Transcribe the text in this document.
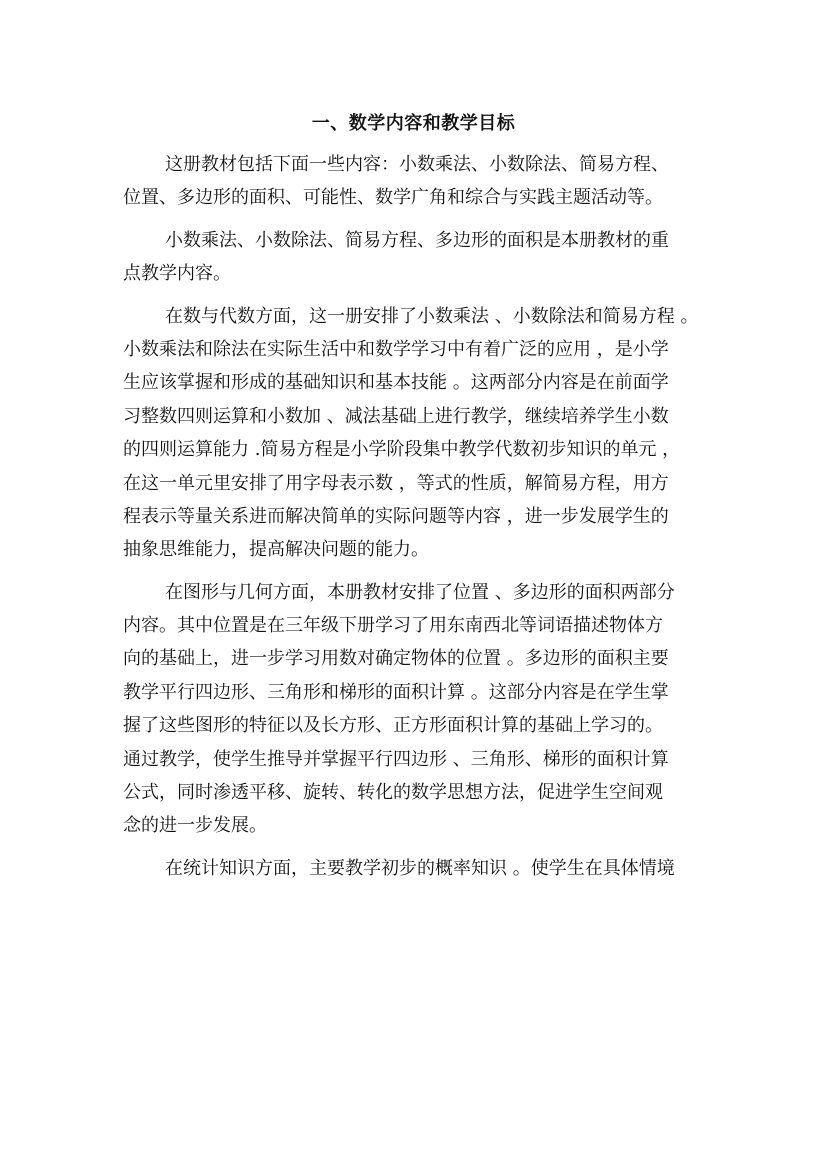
一、数学内容和教学目标

这册教材包括下面一些内容：小数乘法、小数除法、简易方程、
位置、多边形的面积、可能性、数学广角和综合与实践主题活动等。

小数乘法、小数除法、简易方程、多边形的面积是本册教材的重
点教学内容。

在数与代数方面，这一册安排了小数乘法 、小数除法和简易方程 。
小数乘法和除法在实际生活中和数学学习中有着广泛的应用 ，是小学
生应该掌握和形成的基础知识和基本技能 。这两部分内容是在前面学
习整数四则运算和小数加 、减法基础上进行教学，继续培养学生小数
的四则运算能力 .简易方程是小学阶段集中教学代数初步知识的单元 ，
在这一单元里安排了用字母表示数 ，等式的性质，解简易方程，用方
程表示等量关系进而解决简单的实际问题等内容 ，进一步发展学生的
抽象思维能力，提高解决问题的能力。

在图形与几何方面，本册教材安排了位置 、多边形的面积两部分
内容。其中位置是在三年级下册学习了用东南西北等词语描述物体方
向的基础上，进一步学习用数对确定物体的位置 。多边形的面积主要
教学平行四边形、三角形和梯形的面积计算 。这部分内容是在学生掌
握了这些图形的特征以及长方形、正方形面积计算的基础上学习的。
通过教学，使学生推导并掌握平行四边形 、三角形、梯形的面积计算
公式，同时渗透平移、旋转、转化的数学思想方法，促进学生空间观
念的进一步发展。

在统计知识方面，主要教学初步的概率知识 。使学生在具体情境
